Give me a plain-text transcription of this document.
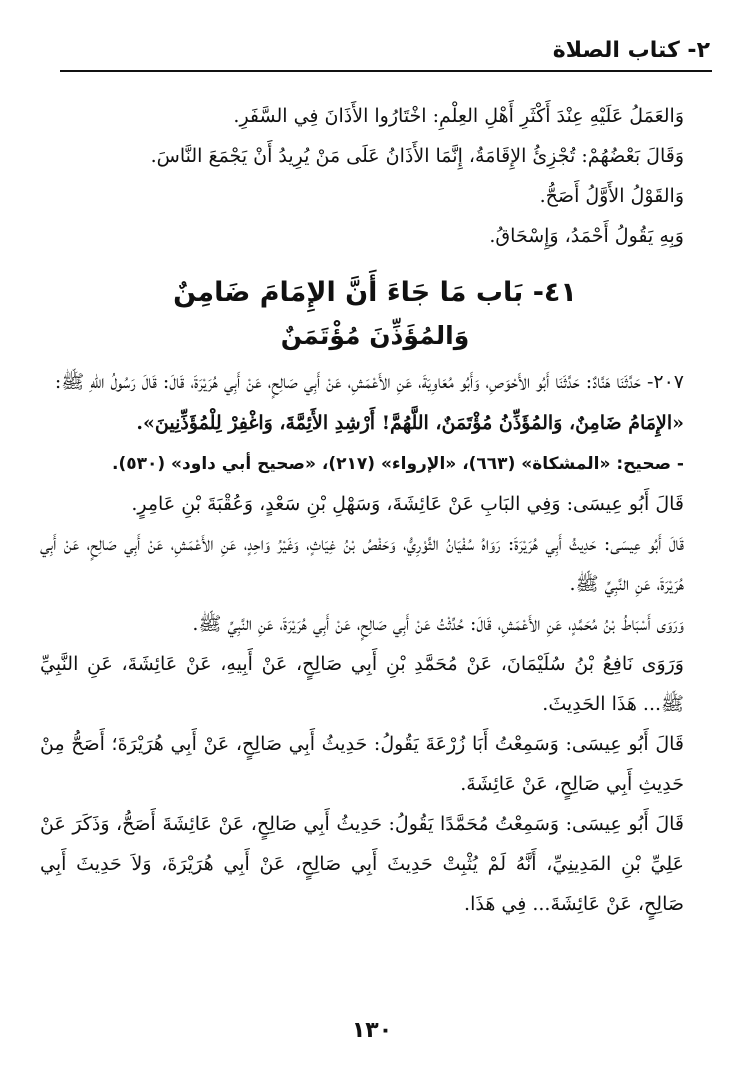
٢- كتاب الصلاة

وَالعَمَلُ عَلَيْهِ عِنْدَ أَكْثَرِ أَهْلِ العِلْمِ: اخْتَارُوا الأَذَانَ فِي السَّفَرِ.

وَقَالَ بَعْضُهُمْ: تُجْزِئُ الإِقَامَةُ، إِنَّمَا الأَذَانُ عَلَى مَنْ يُرِيدُ أَنْ يَجْمَعَ النَّاسَ.

وَالقَوْلُ الأَوَّلُ أَصَحُّ.

وَبِهِ يَقُولُ أَحْمَدُ، وَإِسْحَاقُ.

٤١- بَاب مَا جَاءَ أَنَّ الإِمَامَ ضَامِنٌ
وَالمُؤَذِّنَ مُؤْتَمَنٌ

٢٠٧- حَدَّثَنَا هَنَّادٌ: حَدَّثَنَا أَبُو الأَحْوَصِ، وَأَبُو مُعَاوِيَةَ، عَنِ الأَعْمَشِ، عَنْ أَبِي صَالِحٍ، عَنْ أَبِي هُرَيْرَةَ، قَالَ: قَالَ رَسُولُ اللهِ ﷺ:

«الإِمَامُ ضَامِنٌ، وَالمُؤَذِّنُ مُؤْتَمَنٌ، اللَّهُمَّ! أَرْشِدِ الأَئِمَّةَ، وَاغْفِرْ لِلْمُؤَذِّنِينَ».

- صحيح: «المشكاة» (٦٦٣)، «الإرواء» (٢١٧)، «صحيح أبي داود» (٥٣٠).

قَالَ أَبُو عِيسَى: وَفِي البَابِ عَنْ عَائِشَةَ، وَسَهْلِ بْنِ سَعْدٍ، وَعُقْبَةَ بْنِ عَامِرٍ.

قَالَ أَبُو عِيسَى: حَدِيثُ أَبِي هُرَيْرَةَ: رَوَاهُ سُفْيَانُ الثَّوْرِيُّ، وَحَفْصُ بْنُ غِيَاثٍ، وَغَيْرُ وَاحِدٍ، عَنِ الأَعْمَشِ، عَنْ أَبِي صَالِحٍ، عَنْ أَبِي هُرَيْرَةَ، عَنِ النَّبِيِّ ﷺ.

وَرَوَى أَسْبَاطُ بْنُ مُحَمَّدٍ، عَنِ الأَعْمَشِ، قَالَ: حُدِّثْتُ عَنْ أَبِي صَالِحٍ، عَنْ أَبِي هُرَيْرَةَ، عَنِ النَّبِيِّ ﷺ.

وَرَوَى نَافِعُ بْنُ سُلَيْمَانَ، عَنْ مُحَمَّدِ بْنِ أَبِي صَالِحٍ، عَنْ أَبِيهِ، عَنْ عَائِشَةَ، عَنِ النَّبِيِّ ﷺ... هَذَا الحَدِيثَ.

قَالَ أَبُو عِيسَى: وَسَمِعْتُ أَبَا زُرْعَةَ يَقُولُ: حَدِيثُ أَبِي صَالِحٍ، عَنْ أَبِي هُرَيْرَةَ؛ أَصَحُّ مِنْ حَدِيثِ أَبِي صَالِحٍ، عَنْ عَائِشَةَ.

قَالَ أَبُو عِيسَى: وَسَمِعْتُ مُحَمَّدًا يَقُولُ: حَدِيثُ أَبِي صَالِحٍ، عَنْ عَائِشَةَ أَصَحُّ، وَذَكَرَ عَنْ عَلِيِّ بْنِ المَدِينِيِّ، أَنَّهُ لَمْ يُثْبِتْ حَدِيثَ أَبِي صَالِحٍ، عَنْ أَبِي هُرَيْرَةَ، وَلاَ حَدِيثَ أَبِي صَالِحٍ، عَنْ عَائِشَةَ... فِي هَذَا.

١٣٠
